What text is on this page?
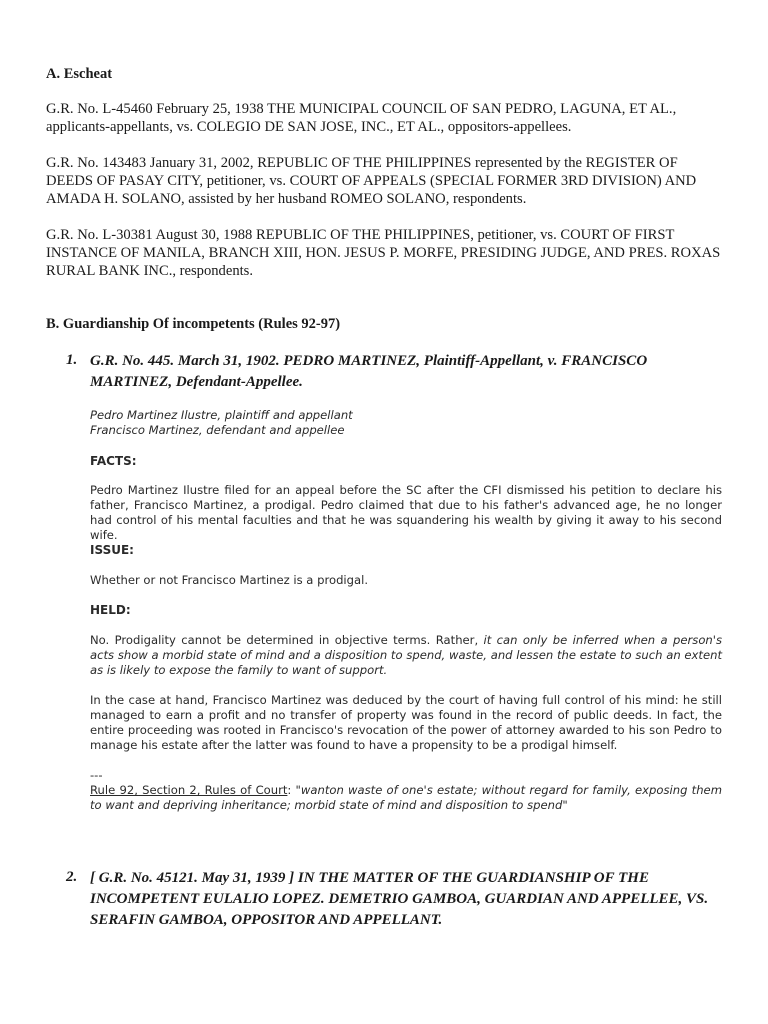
A. Escheat
G.R. No. L-45460 February 25, 1938 THE MUNICIPAL COUNCIL OF SAN PEDRO, LAGUNA, ET AL., applicants-appellants, vs. COLEGIO DE SAN JOSE, INC., ET AL., oppositors-appellees.
G.R. No. 143483 January 31, 2002, REPUBLIC OF THE PHILIPPINES represented by the REGISTER OF DEEDS OF PASAY CITY, petitioner, vs. COURT OF APPEALS (SPECIAL FORMER 3RD DIVISION) AND AMADA H. SOLANO, assisted by her husband ROMEO SOLANO, respondents.
G.R. No. L-30381 August 30, 1988 REPUBLIC OF THE PHILIPPINES, petitioner, vs. COURT OF FIRST INSTANCE OF MANILA, BRANCH XIII, HON. JESUS P. MORFE, PRESIDING JUDGE, AND PRES. ROXAS RURAL BANK INC., respondents.
B. Guardianship Of incompetents (Rules 92-97)
1. G.R. No. 445. March 31, 1902. PEDRO MARTINEZ, Plaintiff-Appellant, v. FRANCISCO MARTINEZ, Defendant-Appellee.
Pedro Martinez Ilustre, plaintiff and appellant
Francisco Martinez, defendant and appellee
FACTS:
Pedro Martinez Ilustre filed for an appeal before the SC after the CFI dismissed his petition to declare his father, Francisco Martinez, a prodigal. Pedro claimed that due to his father's advanced age, he no longer had control of his mental faculties and that he was squandering his wealth by giving it away to his second wife.
ISSUE:
Whether or not Francisco Martinez is a prodigal.
HELD:
No. Prodigality cannot be determined in objective terms. Rather, it can only be inferred when a person's acts show a morbid state of mind and a disposition to spend, waste, and lessen the estate to such an extent as is likely to expose the family to want of support.
In the case at hand, Francisco Martinez was deduced by the court of having full control of his mind: he still managed to earn a profit and no transfer of property was found in the record of public deeds. In fact, the entire proceeding was rooted in Francisco's revocation of the power of attorney awarded to his son Pedro to manage his estate after the latter was found to have a propensity to be a prodigal himself.
---
Rule 92, Section 2, Rules of Court: "wanton waste of one's estate; without regard for family, exposing them to want and depriving inheritance; morbid state of mind and disposition to spend"
2. [ G.R. No. 45121. May 31, 1939 ] IN THE MATTER OF THE GUARDIANSHIP OF THE INCOMPETENT EULALIO LOPEZ. DEMETRIO GAMBOA, GUARDIAN AND APPELLEE, VS. SERAFIN GAMBOA, OPPOSITOR AND APPELLANT.
